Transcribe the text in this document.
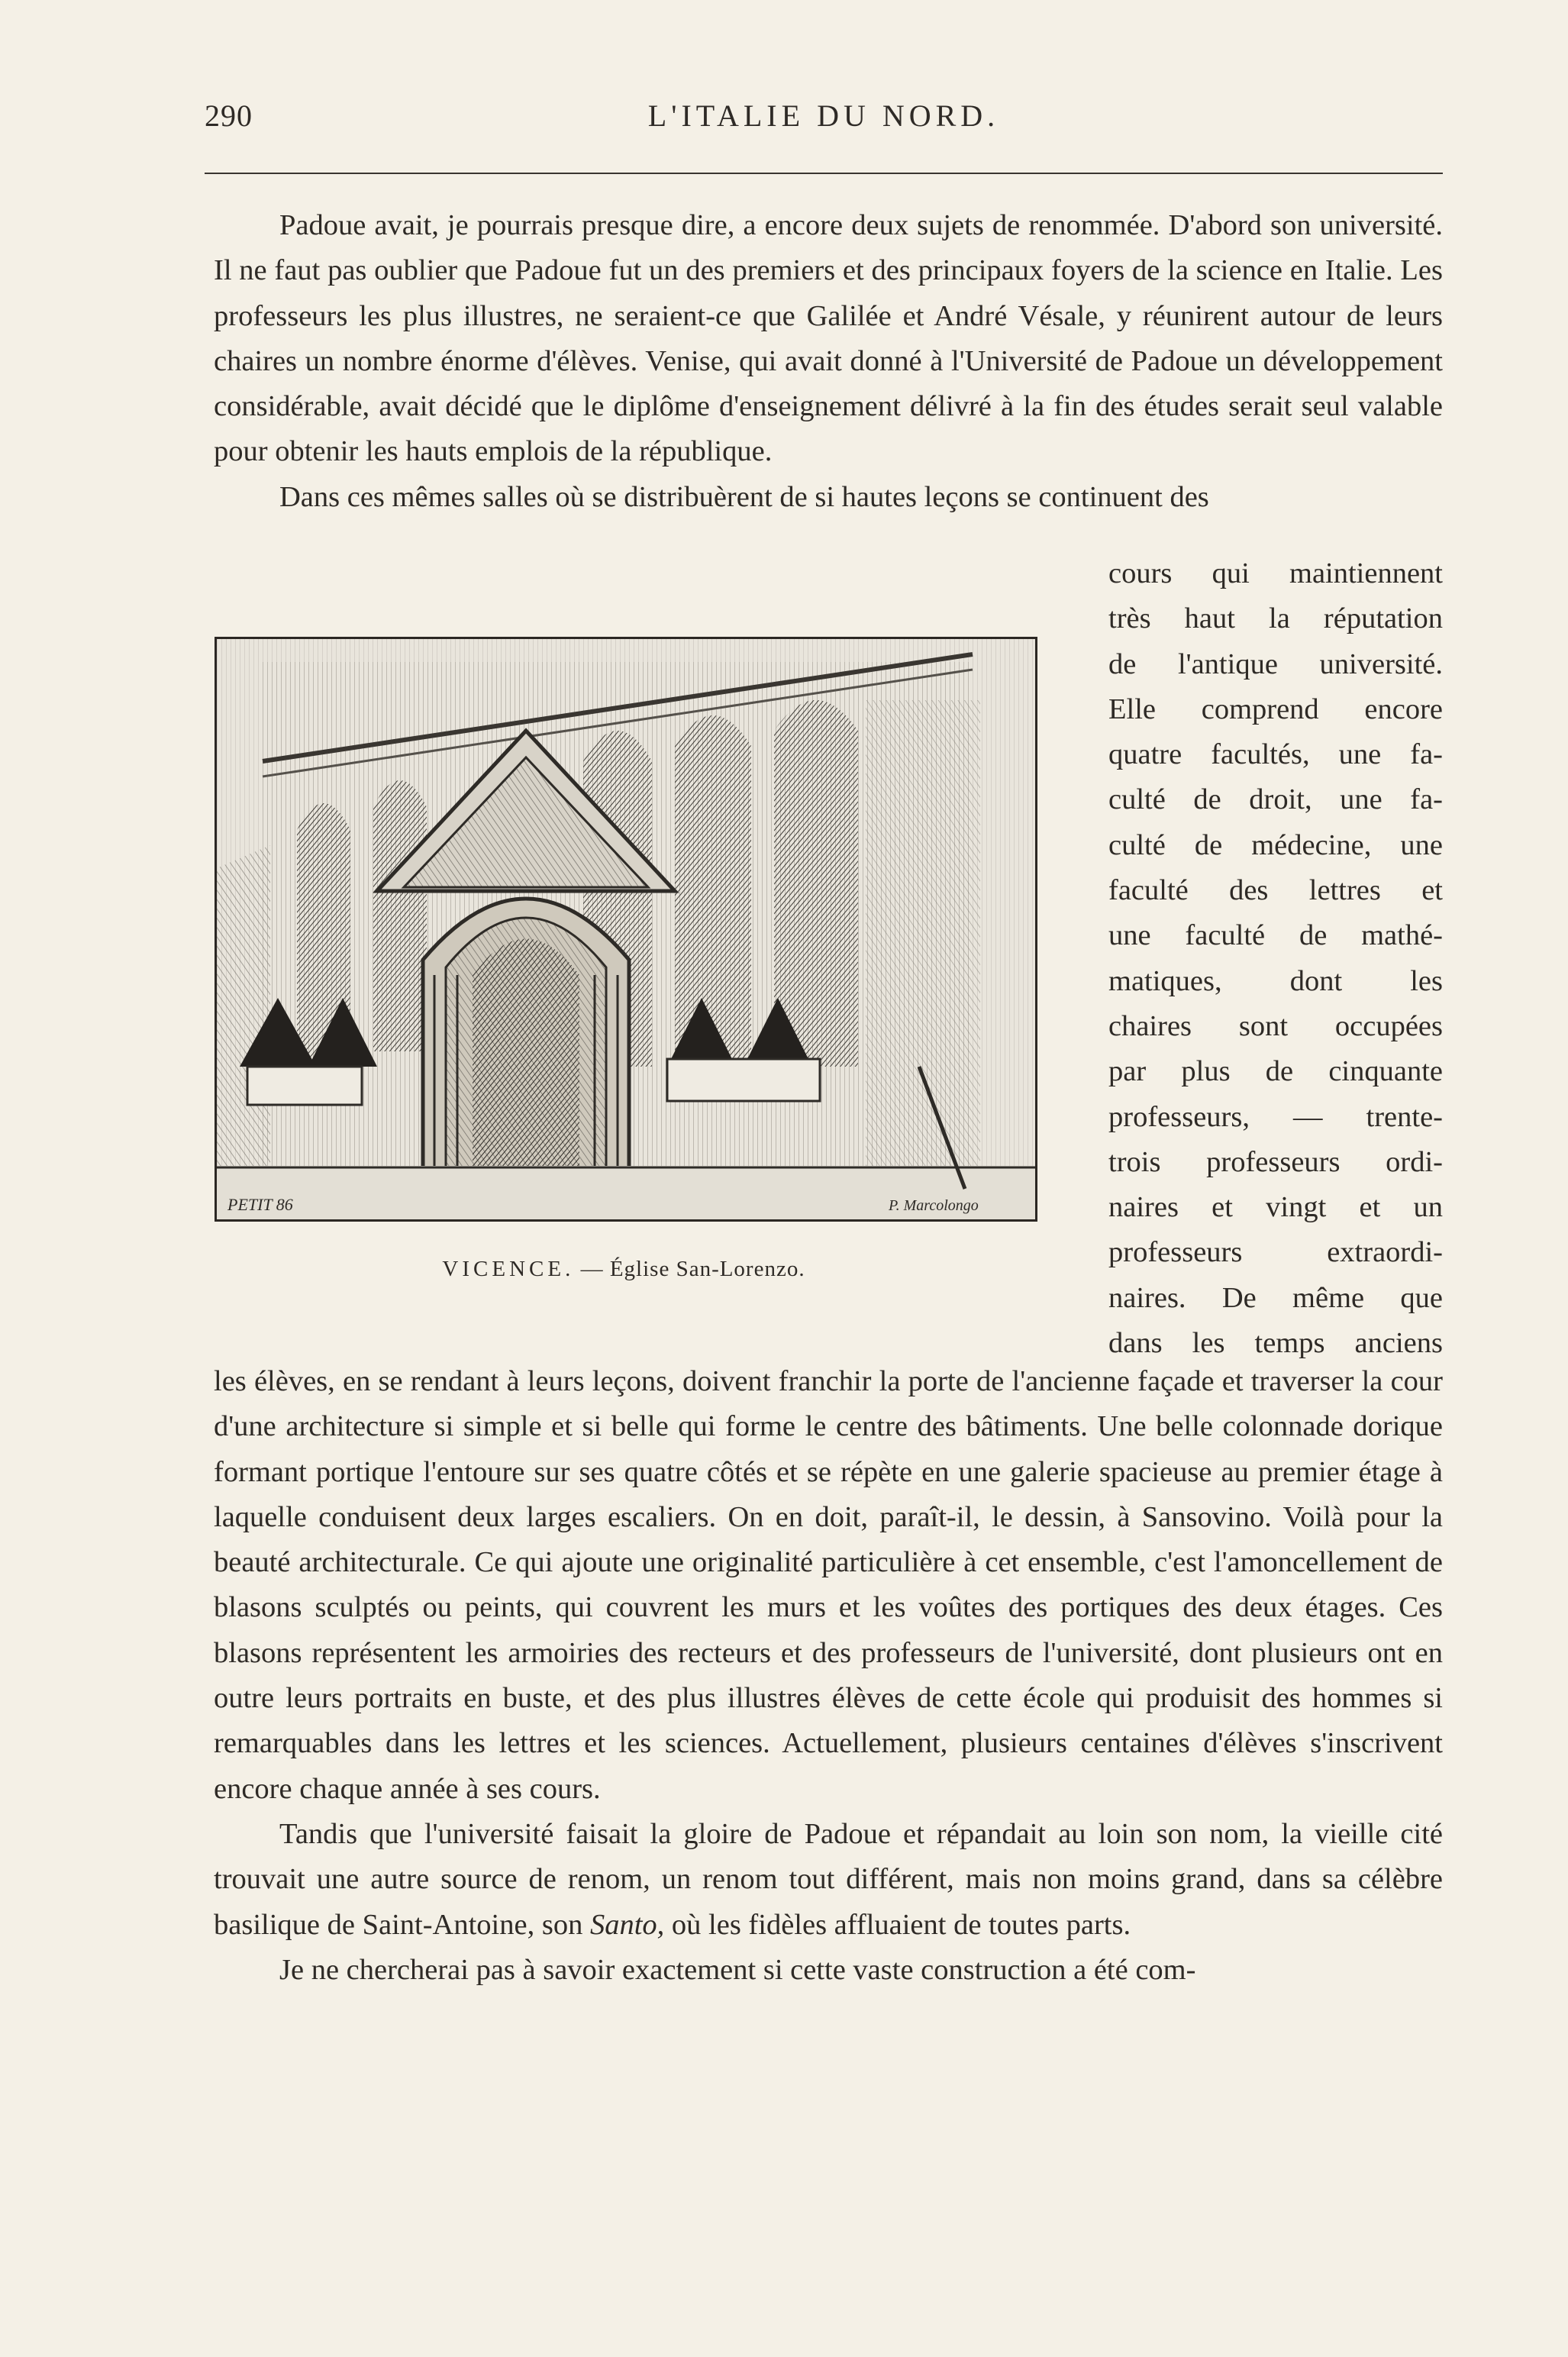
290	L'ITALIE DU NORD.

Padoue avait, je pourrais presque dire, a encore deux sujets de renommée. D'abord son université. Il ne faut pas oublier que Padoue fut un des premiers et des principaux foyers de la science en Italie. Les professeurs les plus illustres, ne seraient-ce que Galilée et André Vésale, y réunirent autour de leurs chaires un nombre énorme d'élèves. Venise, qui avait donné à l'Université de Padoue un développement considérable, avait décidé que le diplôme d'enseignement délivré à la fin des études serait seul valable pour obtenir les hauts emplois de la république.

Dans ces mêmes salles où se distribuèrent de si hautes leçons se continuent des

cours qui maintiennent
très haut la réputation
de l'antique université.
Elle comprend encore
quatre facultés, une fa-
culté de droit, une fa-
culté de médecine, une
faculté des lettres et
une faculté de mathé-
matiques, dont les
chaires sont occupées
par plus de cinquante
professeurs, — trente-
trois professeurs ordi-
naires et vingt et un
professeurs extraordi-
naires. De même que
dans les temps anciens
PETIT 86	P. Marcolongo
VICENCE. — Église San-Lorenzo.

les élèves, en se rendant à leurs leçons, doivent franchir la porte de l'ancienne façade et traverser la cour d'une architecture si simple et si belle qui forme le centre des bâtiments. Une belle colonnade dorique formant portique l'entoure sur ses quatre côtés et se répète en une galerie spacieuse au premier étage à laquelle conduisent deux larges escaliers. On en doit, paraît-il, le dessin, à Sansovino. Voilà pour la beauté architecturale. Ce qui ajoute une originalité particulière à cet ensemble, c'est l'amoncellement de blasons sculptés ou peints, qui couvrent les murs et les voûtes des portiques des deux étages. Ces blasons représentent les armoiries des recteurs et des professeurs de l'université, dont plusieurs ont en outre leurs portraits en buste, et des plus illustres élèves de cette école qui produisit des hommes si remarquables dans les lettres et les sciences. Actuellement, plusieurs centaines d'élèves s'inscrivent encore chaque année à ses cours.

Tandis que l'université faisait la gloire de Padoue et répandait au loin son nom, la vieille cité trouvait une autre source de renom, un renom tout différent, mais non moins grand, dans sa célèbre basilique de Saint-Antoine, son Santo, où les fidèles affluaient de toutes parts.

Je ne chercherai pas à savoir exactement si cette vaste construction a été com-
